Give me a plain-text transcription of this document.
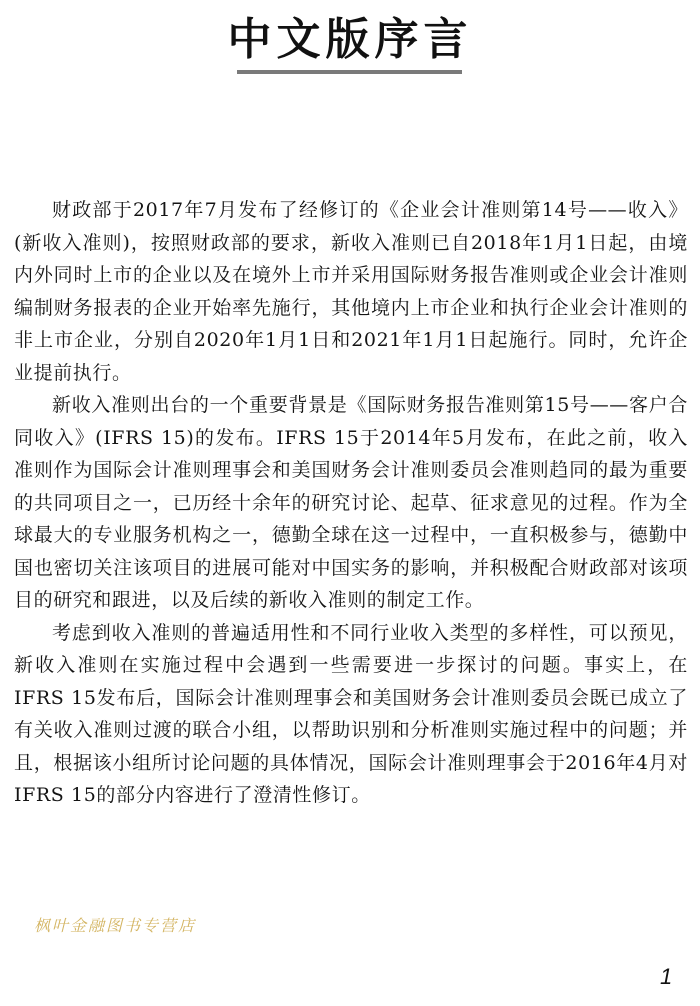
中文版序言

财政部于2017年7月发布了经修订的《企业会计准则第14号——收入》(新收入准则)，按照财政部的要求，新收入准则已自2018年1月1日起，由境内外同时上市的企业以及在境外上市并采用国际财务报告准则或企业会计准则编制财务报表的企业开始率先施行，其他境内上市企业和执行企业会计准则的非上市企业，分别自2020年1月1日和2021年1月1日起施行。同时，允许企业提前执行。

新收入准则出台的一个重要背景是《国际财务报告准则第15号——客户合同收入》(IFRS 15)的发布。IFRS 15于2014年5月发布，在此之前，收入准则作为国际会计准则理事会和美国财务会计准则委员会准则趋同的最为重要的共同项目之一，已历经十余年的研究讨论、起草、征求意见的过程。作为全球最大的专业服务机构之一，德勤全球在这一过程中，一直积极参与，德勤中国也密切关注该项目的进展可能对中国实务的影响，并积极配合财政部对该项目的研究和跟进，以及后续的新收入准则的制定工作。

考虑到收入准则的普遍适用性和不同行业收入类型的多样性，可以预见，新收入准则在实施过程中会遇到一些需要进一步探讨的问题。事实上，在IFRS 15发布后，国际会计准则理事会和美国财务会计准则委员会既已成立了有关收入准则过渡的联合小组，以帮助识别和分析准则实施过程中的问题；并且，根据该小组所讨论问题的具体情况，国际会计准则理事会于2016年4月对IFRS 15的部分内容进行了澄清性修订。

枫叶金融图书专营店
1
